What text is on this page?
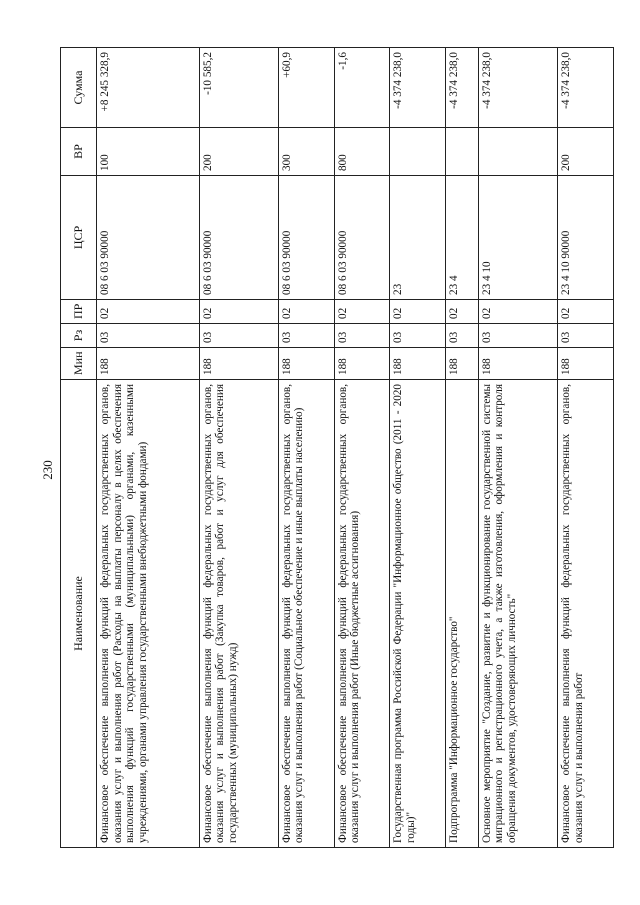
230
Наименование	Мин	Рз	ПР	ЦСР	ВР	Сумма
Финансовое обеспечение выполнения функций федеральных государственных органов, оказания услуг и выполнения работ (Расходы на выплаты персоналу в целях обеспечения выполнения функций государственными (муниципальными) органами, казенными учреждениями, органами управления государственными внебюджетными фондами)	188	03	02	08 6 03 90000	100	+8 245 328,9
Финансовое обеспечение выполнения функций федеральных государственных органов, оказания услуг и выполнения работ (Закупка товаров, работ и услуг для обеспечения государственных (муниципальных) нужд)	188	03	02	08 6 03 90000	200	-10 585,2
Финансовое обеспечение выполнения функций федеральных государственных органов, оказания услуг и выполнения работ (Социальное обеспечение и иные выплаты населению)	188	03	02	08 6 03 90000	300	+60,9
Финансовое обеспечение выполнения функций федеральных государственных органов, оказания услуг и выполнения работ (Иные бюджетные ассигнования)	188	03	02	08 6 03 90000	800	-1,6
Государственная программа Российской Федерации "Информационное общество (2011 - 2020 годы)"	188	03	02	23		-4 374 238,0
Подпрограмма "Информационное государство"	188	03	02	23 4		-4 374 238,0
Основное мероприятие "Создание, развитие и функционирование государственной системы миграционного и регистрационного учета, а также изготовления, оформления и контроля обращения документов, удостоверяющих личность"	188	03	02	23 4 10		-4 374 238,0
Финансовое обеспечение выполнения функций федеральных государственных органов, оказания услуг и выполнения работ	188	03	02	23 4 10 90000	200	-4 374 238,0
